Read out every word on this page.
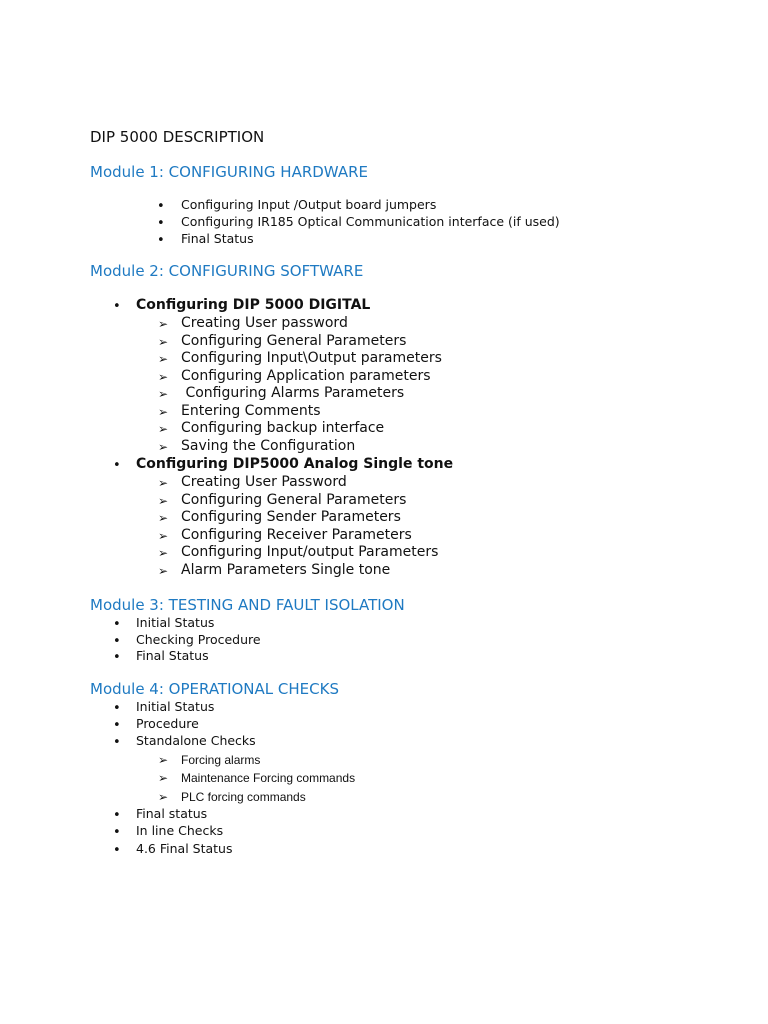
DIP 5000 DESCRIPTION
Module 1: CONFIGURING HARDWARE
• Configuring Input /Output board jumpers
• Configuring IR185 Optical Communication interface (if used)
• Final Status
Module 2: CONFIGURING SOFTWARE
• Configuring DIP 5000 DIGITAL
➢ Creating User password
➢ Configuring General Parameters
➢ Configuring Input\Output parameters
➢ Configuring Application parameters
➢ Configuring Alarms Parameters
➢ Entering Comments
➢ Configuring backup interface
➢ Saving the Configuration
• Configuring DIP5000 Analog Single tone
➢ Creating User Password
➢ Configuring General Parameters
➢ Configuring Sender Parameters
➢ Configuring Receiver Parameters
➢ Configuring Input/output Parameters
➢ Alarm Parameters Single tone
Module 3: TESTING AND FAULT ISOLATION
• Initial Status
• Checking Procedure
• Final Status
Module 4: OPERATIONAL CHECKS
• Initial Status
• Procedure
• Standalone Checks
➢ Forcing alarms
➢ Maintenance Forcing commands
➢ PLC forcing commands
• Final status
• In line Checks
• 4.6 Final Status
